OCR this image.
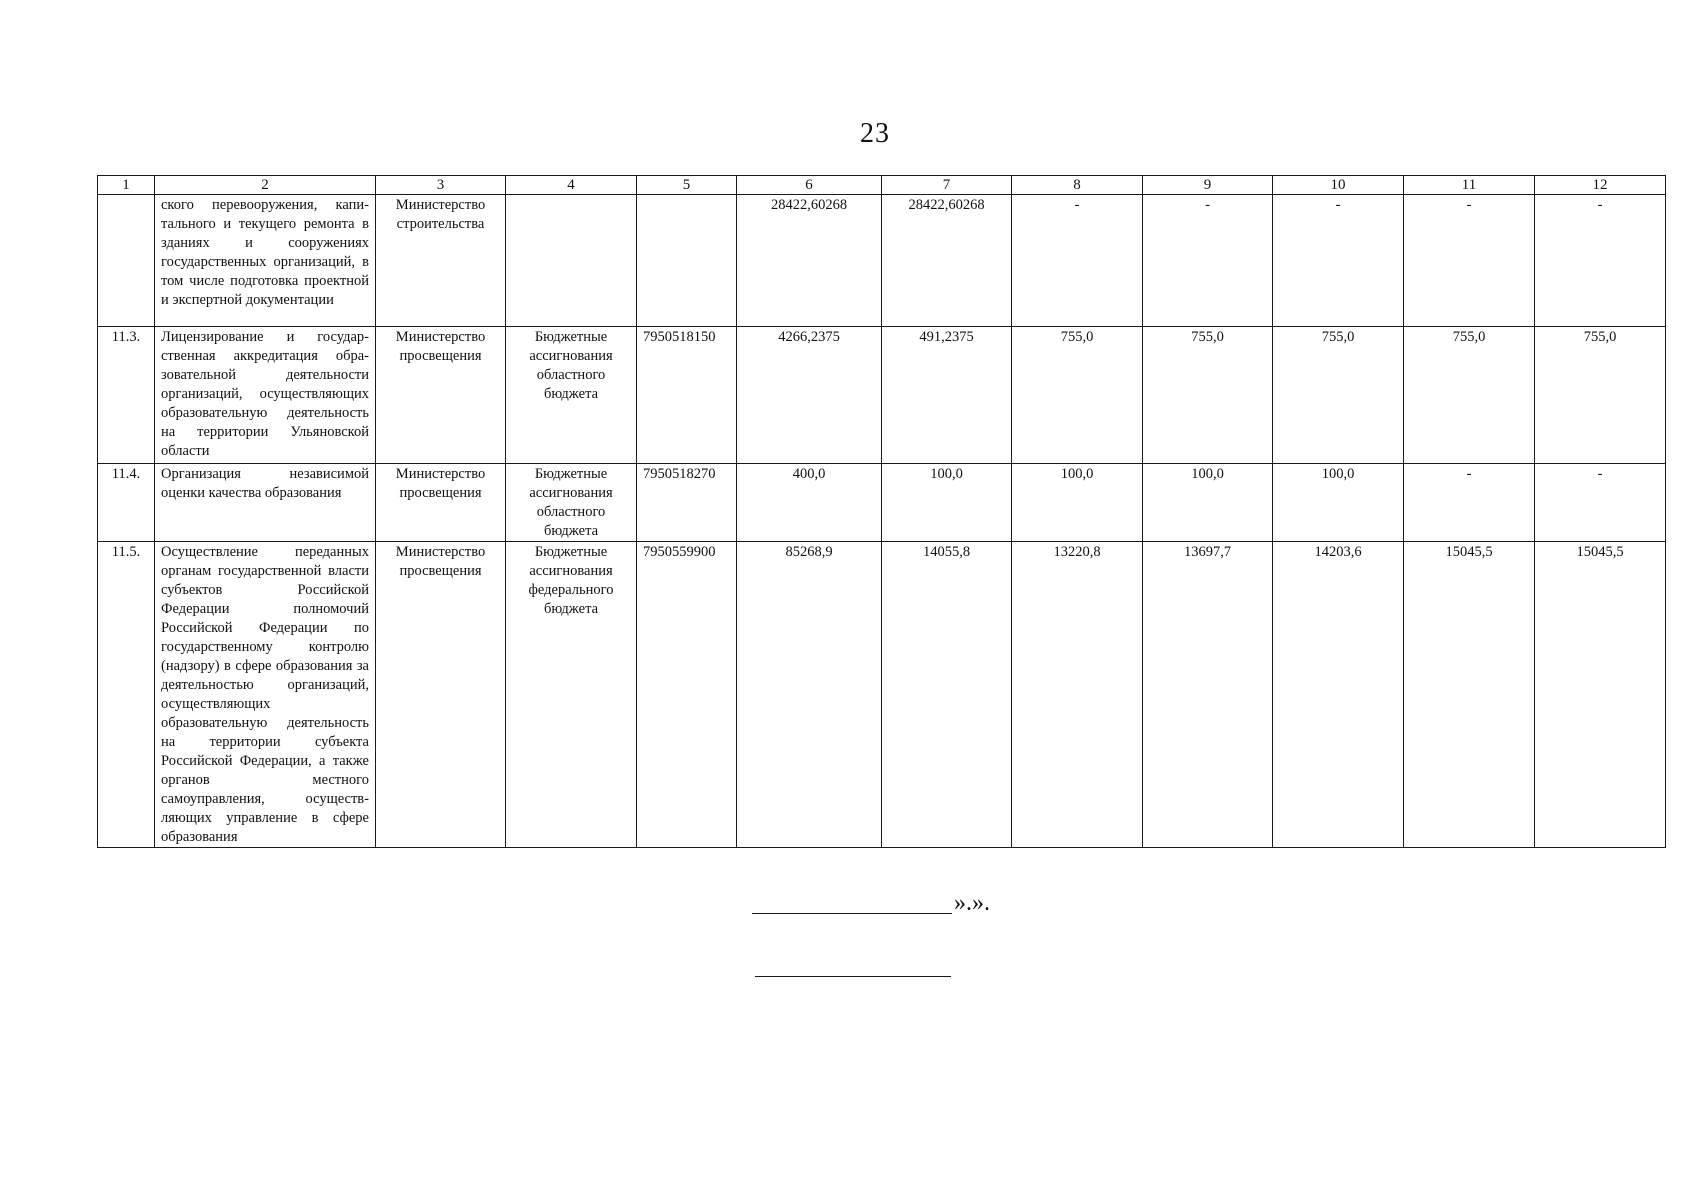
23
1	2	3	4	5	6	7	8	9	10	11	12
	ского перевооружения, капитального и текущего ремонта в зданиях и сооружениях государственных организаций, в том числе подготовка проектной и экспертной документации	Министерство строительства			28422,60268	28422,60268	-	-	-	-	-
11.3.	Лицензирование и государственная аккредитация образовательной деятельности организаций, осуществляющих образовательную деятельность на территории Ульяновской области	Министерство просвещения	Бюджетные ассигнования областного бюджета	7950518150	4266,2375	491,2375	755,0	755,0	755,0	755,0	755,0
11.4.	Организация независимой оценки качества образования	Министерство просвещения	Бюджетные ассигнования областного бюджета	7950518270	400,0	100,0	100,0	100,0	100,0	-	-
11.5.	Осуществление переданных органам государственной власти субъектов Российской Федерации полномочий Российской Федерации по государственному контролю (надзору) в сфере образования за деятельностью организаций, осуществляющих образовательную деятельность на территории субъекта Российской Федерации, а также органов местного самоуправления, осуществляющих управление в сфере образования	Министерство просвещения	Бюджетные ассигнования федерального бюджета	7950559900	85268,9	14055,8	13220,8	13697,7	14203,6	15045,5	15045,5
».».
